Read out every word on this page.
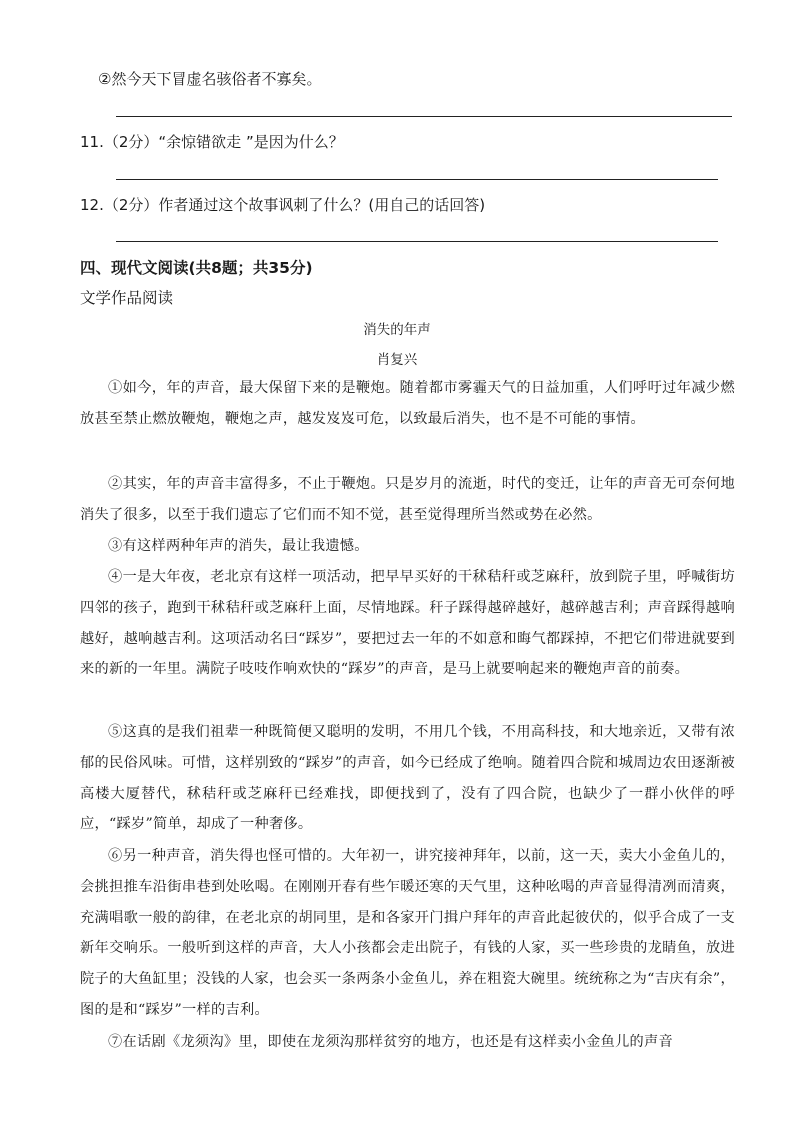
②然今天下冒虚名骇俗者不寡矣。
11.（2分）“余惊错欲走 ”是因为什么？
12.（2分）作者通过这个故事讽刺了什么？(用自己的话回答)
四、现代文阅读(共8题；共35分)
文学作品阅读
消失的年声
肖复兴
①如今，年的声音，最大保留下来的是鞭炮。随着都市雾霾天气的日益加重，人们呼吁过年减少燃放甚至禁止燃放鞭炮，鞭炮之声，越发岌岌可危，以致最后消失，也不是不可能的事情。
②其实，年的声音丰富得多，不止于鞭炮。只是岁月的流逝，时代的变迁，让年的声音无可奈何地消失了很多，以至于我们遗忘了它们而不知不觉，甚至觉得理所当然或势在必然。
③有这样两种年声的消失，最让我遗憾。
④一是大年夜，老北京有这样一项活动，把早早买好的干秫秸秆或芝麻秆，放到院子里，呼喊街坊四邻的孩子，跑到干秫秸秆或芝麻秆上面，尽情地踩。秆子踩得越碎越好，越碎越吉利；声音踩得越响越好，越响越吉利。这项活动名曰“踩岁”，要把过去一年的不如意和晦气都踩掉，不把它们带进就要到来的新的一年里。满院子吱吱作响欢快的“踩岁”的声音，是马上就要响起来的鞭炮声音的前奏。
⑤这真的是我们祖辈一种既简便又聪明的发明，不用几个钱，不用高科技，和大地亲近，又带有浓郁的民俗风味。可惜，这样别致的“踩岁”的声音，如今已经成了绝响。随着四合院和城周边农田逐渐被高楼大厦替代，秫秸秆或芝麻秆已经难找，即便找到了，没有了四合院，也缺少了一群小伙伴的呼应，“踩岁”简单，却成了一种奢侈。
⑥另一种声音，消失得也怪可惜的。大年初一，讲究接神拜年，以前，这一天，卖大小金鱼儿的，会挑担推车沿街串巷到处吆喝。在刚刚开春有些乍暖还寒的天气里，这种吆喝的声音显得清冽而清爽，充满唱歌一般的韵律，在老北京的胡同里，是和各家开门揖户拜年的声音此起彼伏的，似乎合成了一支新年交响乐。一般听到这样的声音，大人小孩都会走出院子，有钱的人家，买一些珍贵的龙睛鱼，放进院子的大鱼缸里；没钱的人家，也会买一条两条小金鱼儿，养在粗瓷大碗里。统统称之为“吉庆有余”，图的是和“踩岁”一样的吉利。
⑦在话剧《龙须沟》里，即使在龙须沟那样贫穷的地方，也还是有这样卖小金鱼儿的声音
